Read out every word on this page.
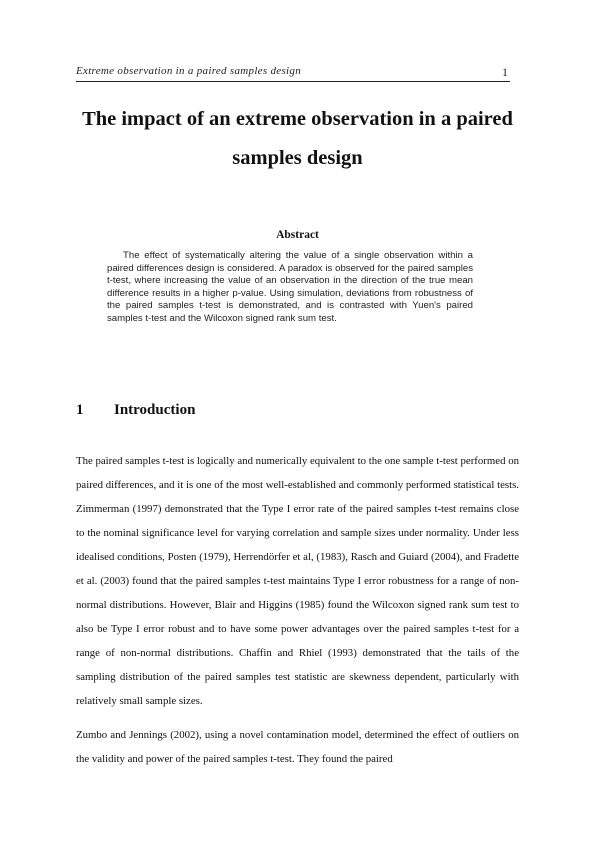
Extreme observation in a paired samples design	1
The impact of an extreme observation in a paired samples design
Abstract

The effect of systematically altering the value of a single observation within a paired differences design is considered. A paradox is observed for the paired samples t-test, where increasing the value of an observation in the direction of the true mean difference results in a higher p-value. Using simulation, deviations from robustness of the paired samples t-test is demonstrated, and is contrasted with Yuen's paired samples t-test and the Wilcoxon signed rank sum test.

1 Introduction

The paired samples t-test is logically and numerically equivalent to the one sample t-test performed on paired differences, and it is one of the most well-established and commonly performed statistical tests. Zimmerman (1997) demonstrated that the Type I error rate of the paired samples t-test remains close to the nominal significance level for varying correlation and sample sizes under normality. Under less idealised conditions, Posten (1979), Herrendörfer et al, (1983), Rasch and Guiard (2004), and Fradette et al. (2003) found that the paired samples t-test maintains Type I error robustness for a range of non-normal distributions. However, Blair and Higgins (1985) found the Wilcoxon signed rank sum test to also be Type I error robust and to have some power advantages over the paired samples t-test for a range of non-normal distributions. Chaffin and Rhiel (1993) demonstrated that the tails of the sampling distribution of the paired samples test statistic are skewness dependent, particularly with relatively small sample sizes.

Zumbo and Jennings (2002), using a novel contamination model, determined the effect of outliers on the validity and power of the paired samples t-test. They found the paired
